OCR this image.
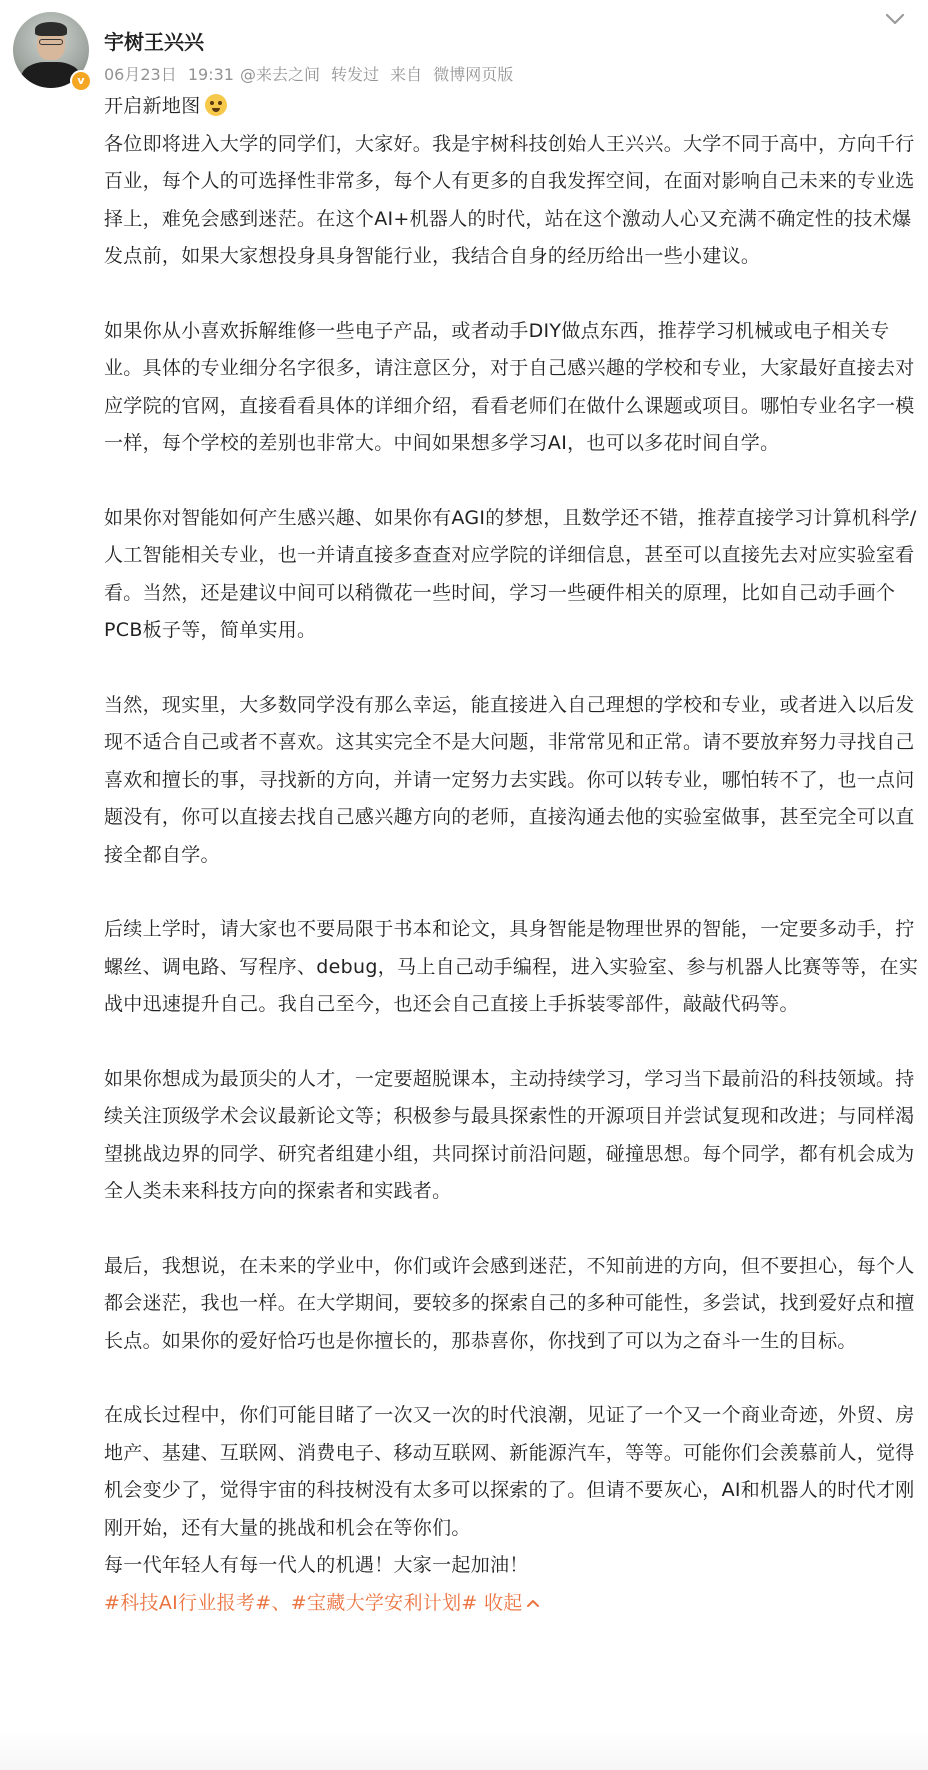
v
宇树王兴兴
06月23日 19:31 @来去之间 转发过 来自 微博网页版

开启新地图

各位即将进入大学的同学们，大家好。我是宇树科技创始人王兴兴。大学不同于高中，方向千行百业，每个人的可选择性非常多，每个人有更多的自我发挥空间，在面对影响自己未来的专业选择上，难免会感到迷茫。在这个AI+机器人的时代，站在这个激动人心又充满不确定性的技术爆发点前，如果大家想投身具身智能行业，我结合自身的经历给出一些小建议。

如果你从小喜欢拆解维修一些电子产品，或者动手DIY做点东西，推荐学习机械或电子相关专业。具体的专业细分名字很多，请注意区分，对于自己感兴趣的学校和专业，大家最好直接去对应学院的官网，直接看看具体的详细介绍，看看老师们在做什么课题或项目。哪怕专业名字一模一样，每个学校的差别也非常大。中间如果想多学习AI，也可以多花时间自学。

如果你对智能如何产生感兴趣、如果你有AGI的梦想，且数学还不错，推荐直接学习计算机科学/人工智能相关专业，也一并请直接多查查对应学院的详细信息，甚至可以直接先去对应实验室看看。当然，还是建议中间可以稍微花一些时间，学习一些硬件相关的原理，比如自己动手画个PCB板子等，简单实用。

当然，现实里，大多数同学没有那么幸运，能直接进入自己理想的学校和专业，或者进入以后发现不适合自己或者不喜欢。这其实完全不是大问题，非常常见和正常。请不要放弃努力寻找自己喜欢和擅长的事，寻找新的方向，并请一定努力去实践。你可以转专业，哪怕转不了，也一点问题没有，你可以直接去找自己感兴趣方向的老师，直接沟通去他的实验室做事，甚至完全可以直接全都自学。

后续上学时，请大家也不要局限于书本和论文，具身智能是物理世界的智能，一定要多动手，拧螺丝、调电路、写程序、debug，马上自己动手编程，进入实验室、参与机器人比赛等等，在实战中迅速提升自己。我自己至今，也还会自己直接上手拆装零部件，敲敲代码等。

如果你想成为最顶尖的人才，一定要超脱课本，主动持续学习，学习当下最前沿的科技领域。持续关注顶级学术会议最新论文等；积极参与最具探索性的开源项目并尝试复现和改进；与同样渴望挑战边界的同学、研究者组建小组，共同探讨前沿问题，碰撞思想。每个同学，都有机会成为全人类未来科技方向的探索者和实践者。

最后，我想说，在未来的学业中，你们或许会感到迷茫，不知前进的方向，但不要担心，每个人都会迷茫，我也一样。在大学期间，要较多的探索自己的多种可能性，多尝试，找到爱好点和擅长点。如果你的爱好恰巧也是你擅长的，那恭喜你，你找到了可以为之奋斗一生的目标。

在成长过程中，你们可能目睹了一次又一次的时代浪潮，见证了一个又一个商业奇迹，外贸、房地产、基建、互联网、消费电子、移动互联网、新能源汽车，等等。可能你们会羡慕前人，觉得机会变少了，觉得宇宙的科技树没有太多可以探索的了。但请不要灰心，AI和机器人的时代才刚刚开始，还有大量的挑战和机会在等你们。

每一代年轻人有每一代人的机遇！大家一起加油！

#科技AI行业报考#、#宝藏大学安利计划# 收起
